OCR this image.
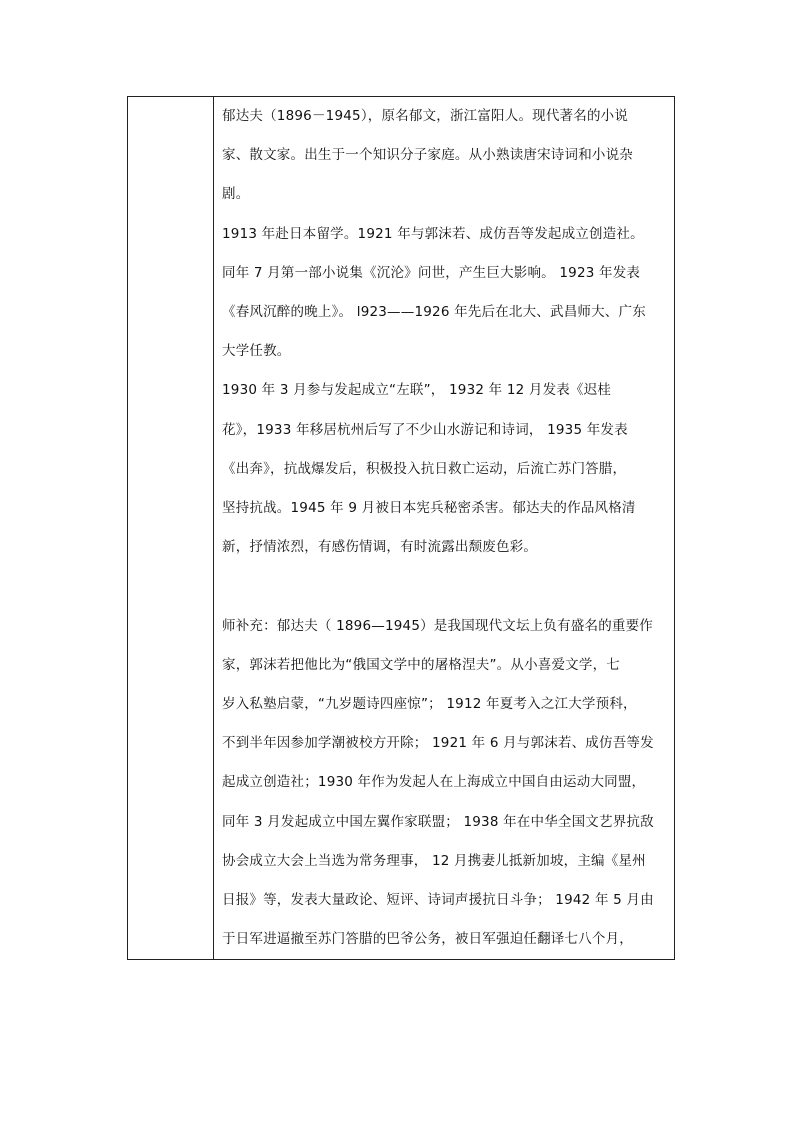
郁达夫（1896－1945），原名郁文，浙江富阳人。现代著名的小说
家、散文家。出生于一个知识分子家庭。从小熟读唐宋诗词和小说杂
剧。

1913 年赴日本留学。1921 年与郭沫若、成仿吾等发起成立创造社。
同年 7 月第一部小说集《沉沦》问世，产生巨大影响。 1923 年发表
《春风沉醉的晚上》。 l923——1926 年先后在北大、武昌师大、广东
大学任教。

1930 年 3 月参与发起成立“左联”， 1932 年 12 月发表《迟桂
花》，1933 年移居杭州后写了不少山水游记和诗词， 1935 年发表
《出奔》，抗战爆发后，积极投入抗日救亡运动，后流亡苏门答腊，
坚持抗战。1945 年 9 月被日本宪兵秘密杀害。郁达夫的作品风格清
新，抒情浓烈，有感伤情调，有时流露出颓废色彩。

师补充：郁达夫（ 1896—1945）是我国现代文坛上负有盛名的重要作
家，郭沫若把他比为“俄国文学中的屠格涅夫”。从小喜爱文学，七
岁入私塾启蒙，“九岁题诗四座惊”； 1912 年夏考入之江大学预科，
不到半年因参加学潮被校方开除； 1921 年 6 月与郭沫若、成仿吾等发
起成立创造社；1930 年作为发起人在上海成立中国自由运动大同盟，
同年 3 月发起成立中国左翼作家联盟； 1938 年在中华全国文艺界抗敌
协会成立大会上当选为常务理事， 12 月携妻儿抵新加坡，主编《星州
日报》等，发表大量政论、短评、诗词声援抗日斗争； 1942 年 5 月由
于日军进逼撤至苏门答腊的巴爷公务，被日军强迫任翻译七八个月，
